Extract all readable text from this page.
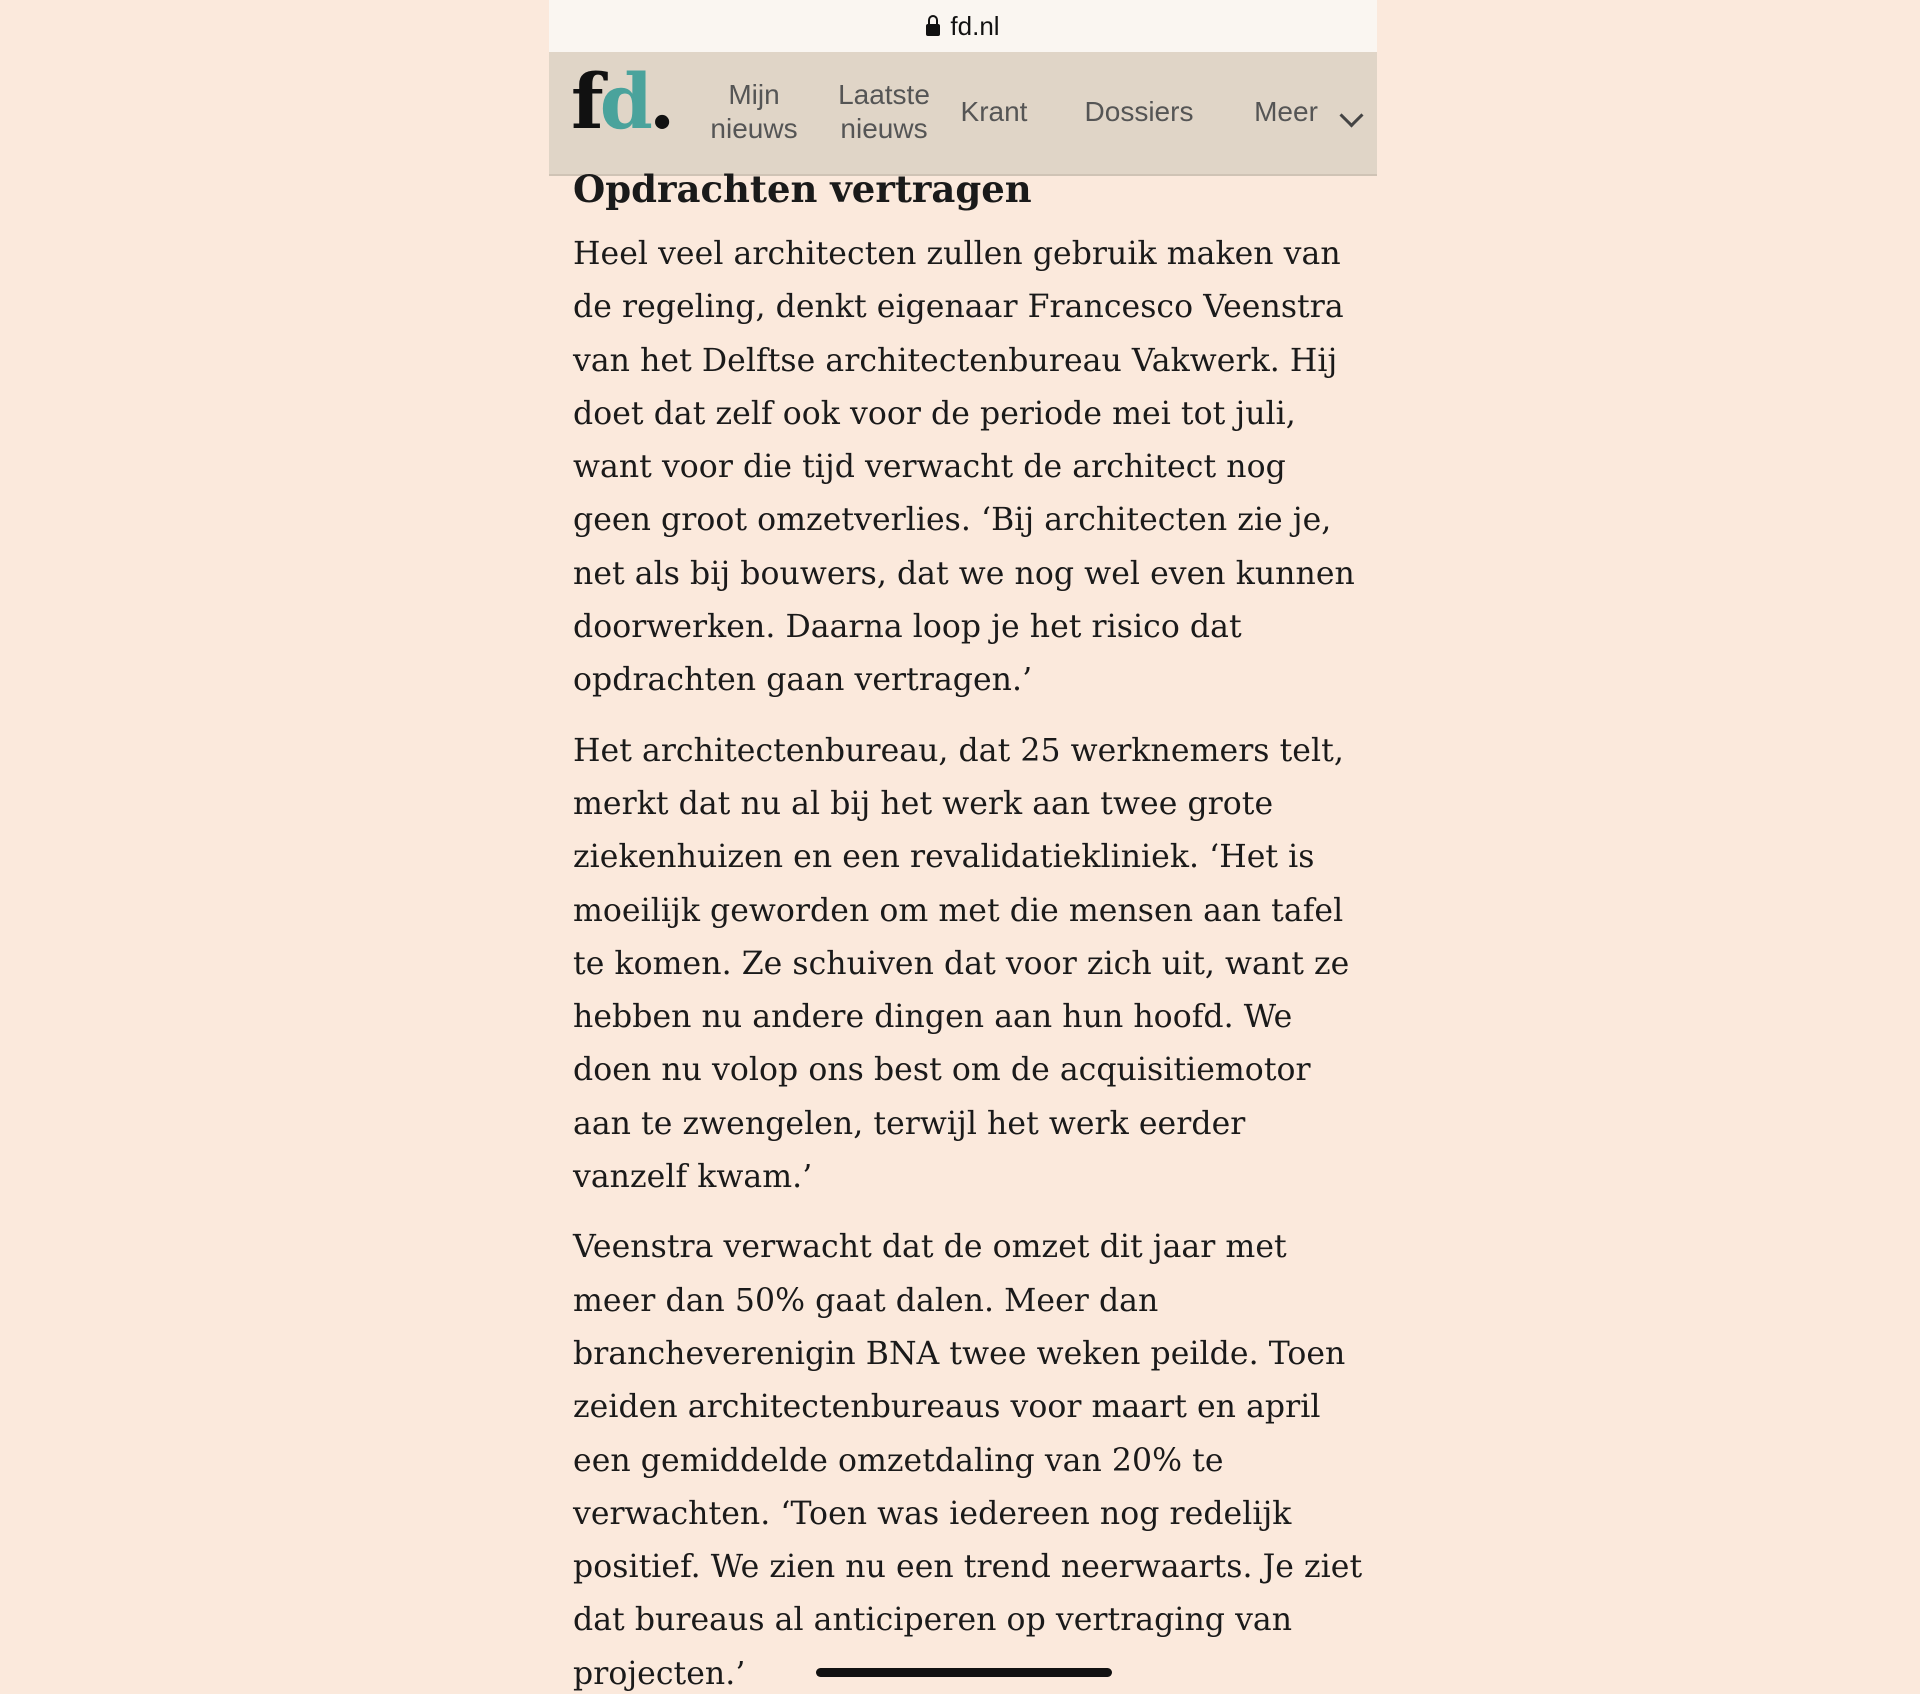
fd.nl
fd.	Mijn
nieuws
Laatste
nieuws
Krant	Dossiers	Meer
Opdrachten vertragen

Heel veel architecten zullen gebruik maken van de regeling, denkt eigenaar Francesco Veenstra van het Delftse architectenbureau Vakwerk. Hij doet dat zelf ook voor de periode mei tot juli, want voor die tijd verwacht de architect nog geen groot omzetverlies. ‘Bij architecten zie je, net als bij bouwers, dat we nog wel even kunnen doorwerken. Daarna loop je het risico dat opdrachten gaan vertragen.’

Het architectenbureau, dat 25 werknemers telt, merkt dat nu al bij het werk aan twee grote ziekenhuizen en een revalidatiekliniek. ‘Het is moeilijk geworden om met die mensen aan tafel te komen. Ze schuiven dat voor zich uit, want ze hebben nu andere dingen aan hun hoofd. We doen nu volop ons best om de acquisitiemotor aan te zwengelen, terwijl het werk eerder vanzelf kwam.’

Veenstra verwacht dat de omzet dit jaar met meer dan 50% gaat dalen. Meer dan brancheverenigin BNA twee weken peilde. Toen zeiden architectenbureaus voor maart en april een gemiddelde omzetdaling van 20% te verwachten. ‘Toen was iedereen nog redelijk positief. We zien nu een trend neerwaarts. Je ziet dat bureaus al anticiperen op vertraging van projecten.’
